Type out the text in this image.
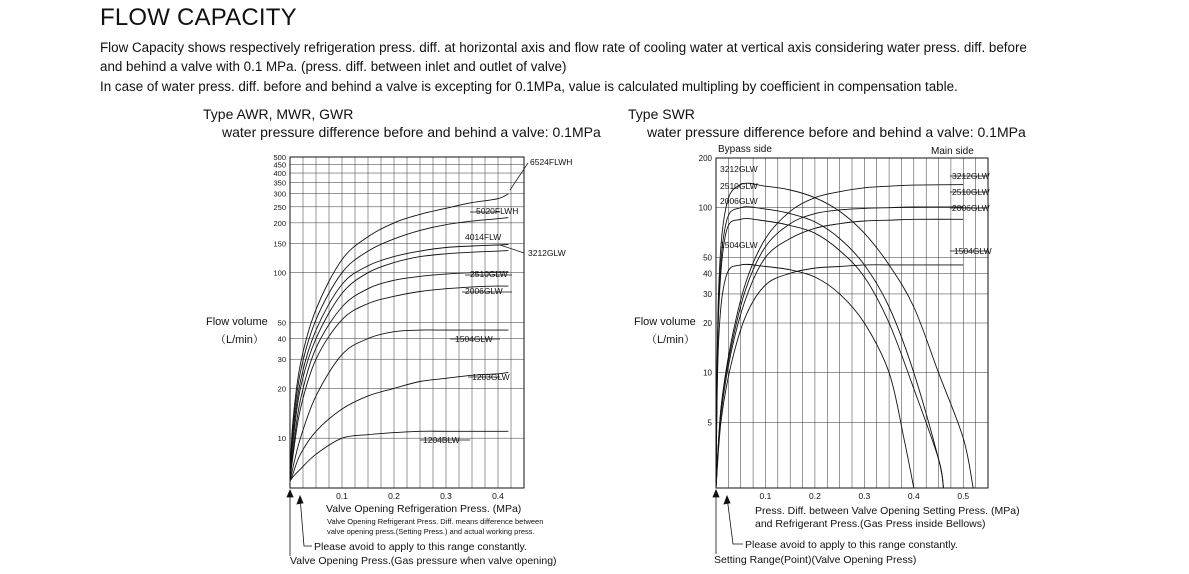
FLOW CAPACITY
Flow Capacity shows respectively refrigeration press. diff. at horizontal axis and flow rate of cooling water at vertical axis considering water press. diff. before
and behind a valve with 0.1 MPa. (press. diff. between inlet and outlet of valve)
In case of water press. diff. before and behind a valve is excepting for 0.1MPa, value is calculated multipling by coefficient in compensation table.
Type AWR, MWR, GWR
water pressure difference before and behind a valve: 0.1MPa
Type SWR
water pressure difference before and behind a valve: 0.1MPa
Flow volume
（L/min）
Valve Opening Refrigeration Press. (MPa)
Valve Opening Refrigerant Press. Diff. means difference between
valve opening press.(Setting Press.) and actual working press.
Please avoid to apply to this range constantly.
Valve Opening Press.(Gas pressure when valve opening)
Flow volume
（L/min）
Bypass side	Main side
Press. Diff. between Valve Opening Setting Press. (MPa)
and Refrigerant Press.(Gas Press inside Bellows)
Please avoid to apply to this range constantly.
Setting Range(Point)(Valve Opening Press)
10
20
30
40
50
100
150
200
250
300
350
400
450
500
0.1	0.2	0.3	0.4
6524FLWH
5020FLWH
4014FLW
3212GLW
2510GLW
2006GLW
1504GLW
1203GLW
1204BLW
5
10
20
30
40
50
100
200
0.1	0.2	0.3	0.4	0.5
3212GLW
2510GLW
2006GLW
1504GLW
3212GLW
2510GLW
2006GLW
1504GLW
